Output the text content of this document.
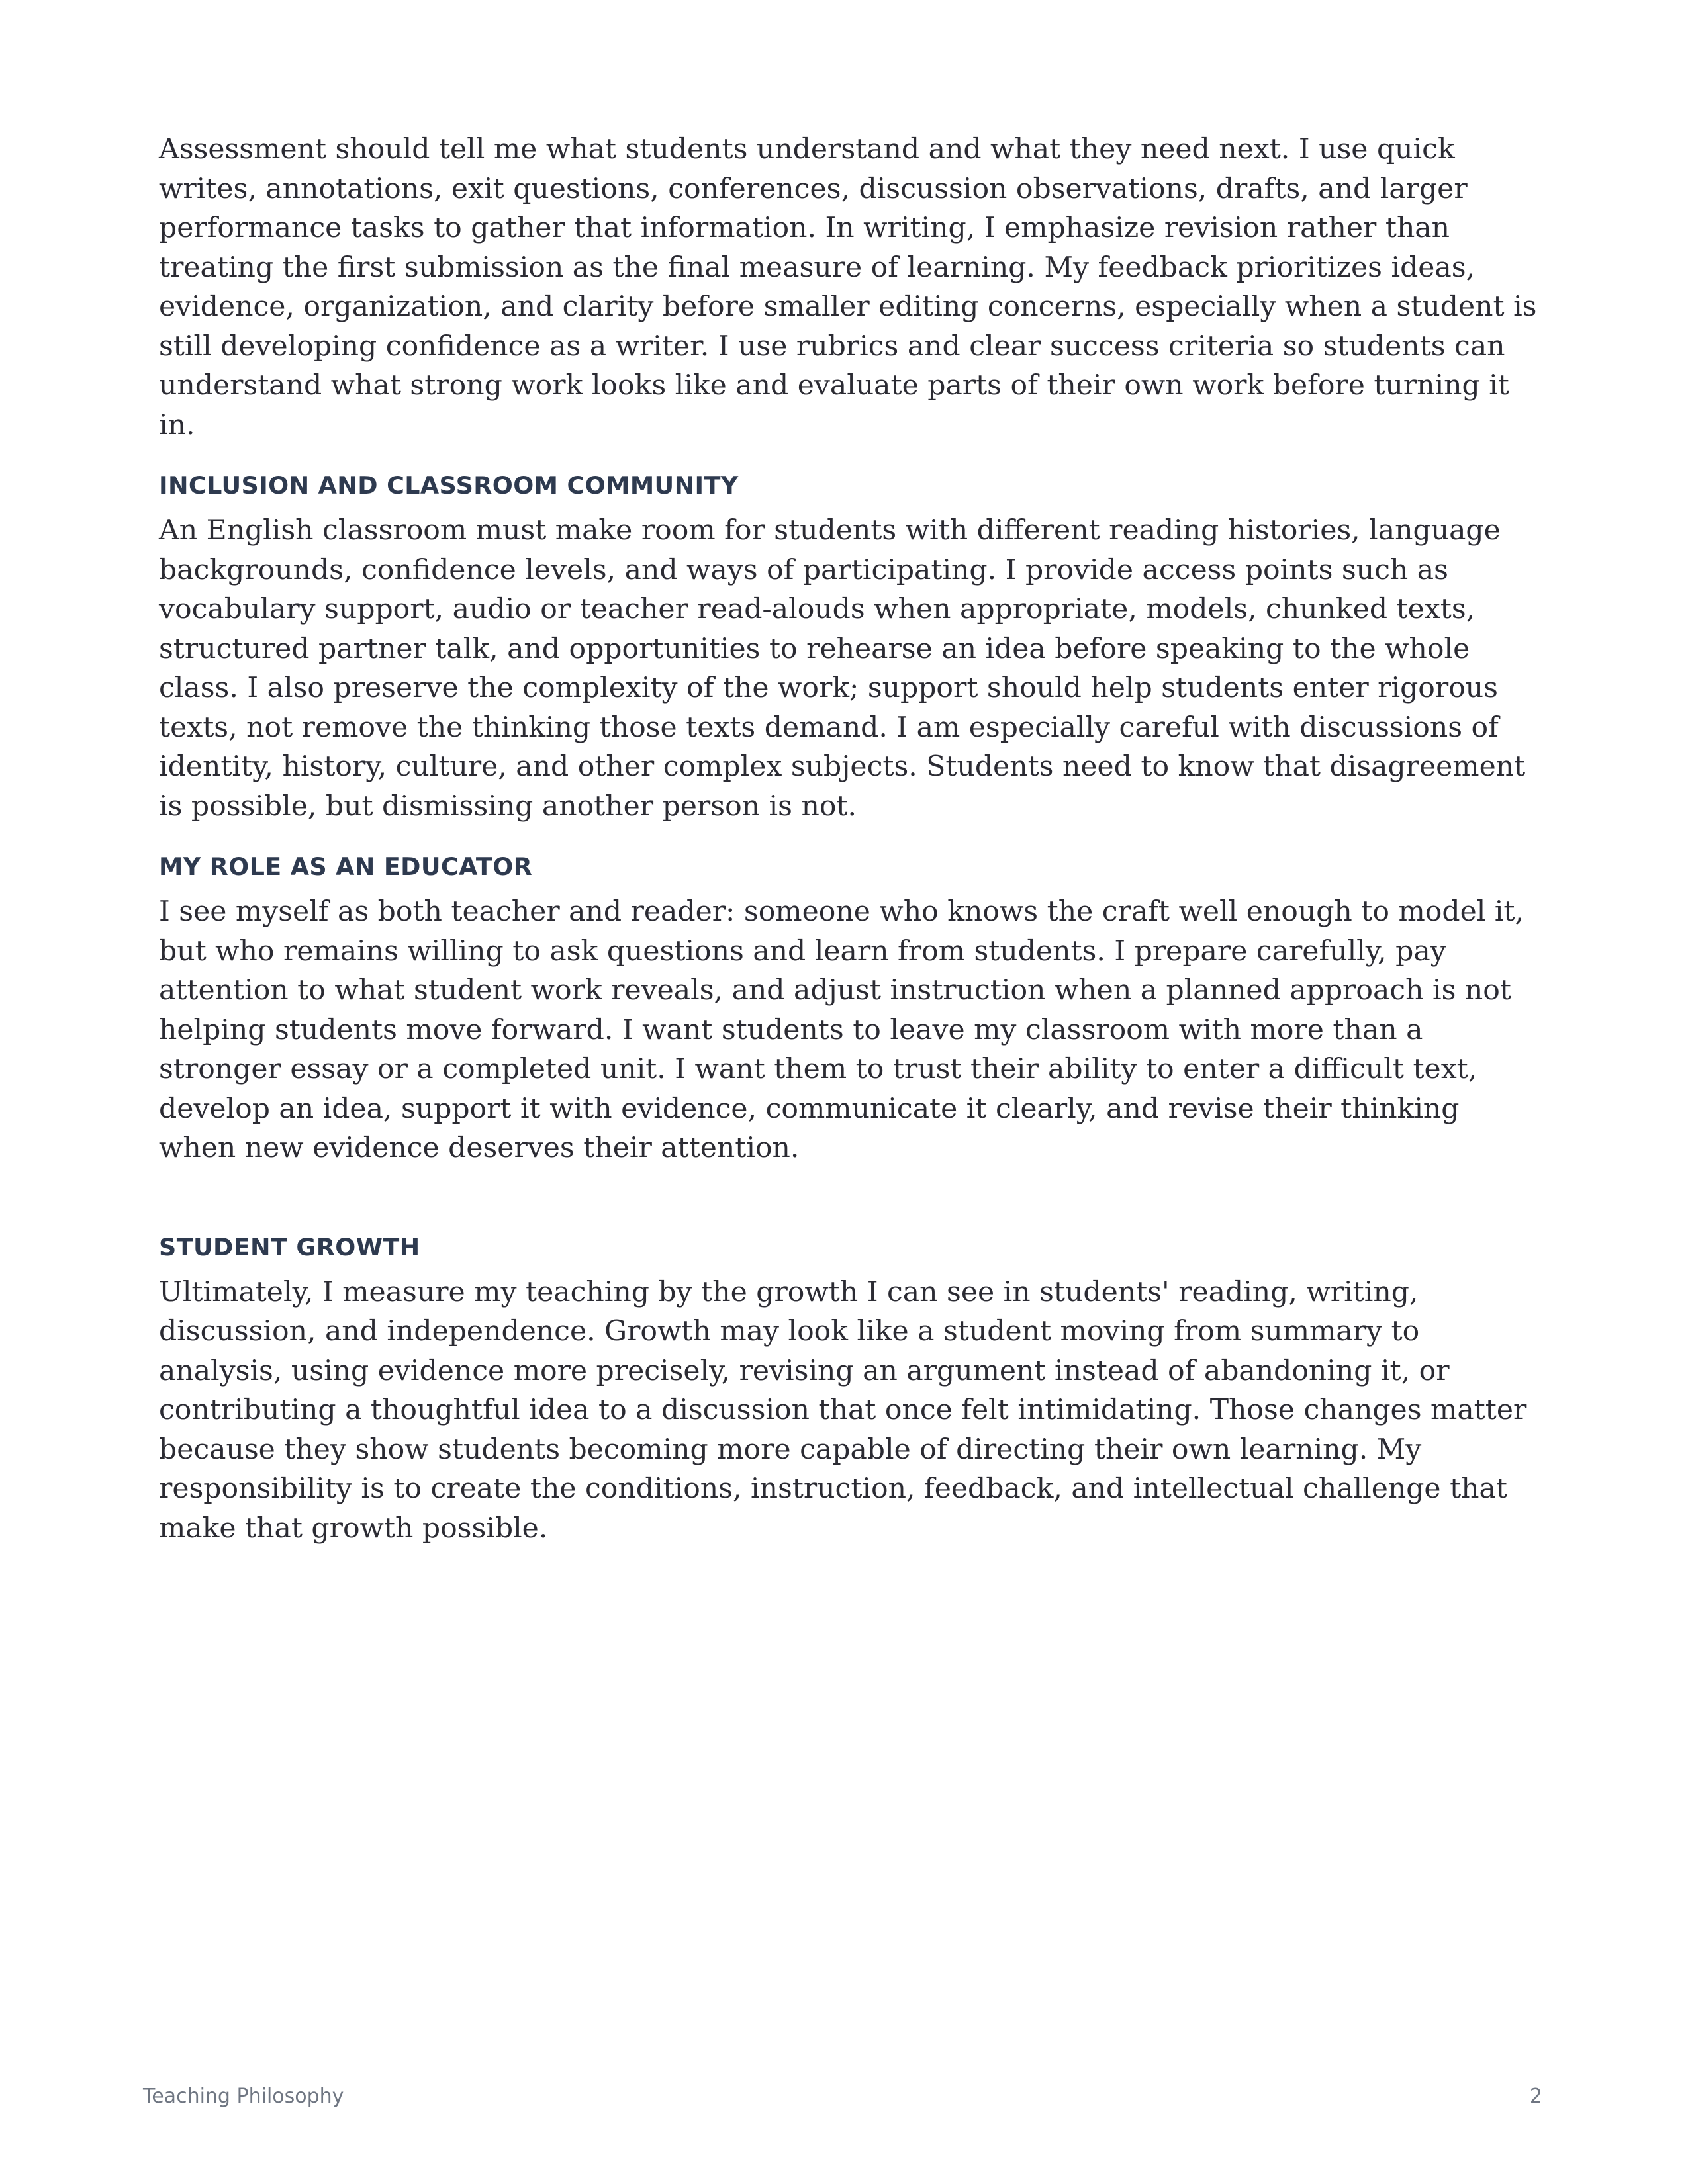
Assessment should tell me what students understand and what they need next. I use quick writes, annotations, exit questions, conferences, discussion observations, drafts, and larger performance tasks to gather that information. In writing, I emphasize revision rather than treating the first submission as the final measure of learning. My feedback prioritizes ideas, evidence, organization, and clarity before smaller editing concerns, especially when a student is still developing confidence as a writer. I use rubrics and clear success criteria so students can understand what strong work looks like and evaluate parts of their own work before turning it in.

INCLUSION AND CLASSROOM COMMUNITY

An English classroom must make room for students with different reading histories, language backgrounds, confidence levels, and ways of participating. I provide access points such as vocabulary support, audio or teacher read-alouds when appropriate, models, chunked texts, structured partner talk, and opportunities to rehearse an idea before speaking to the whole class. I also preserve the complexity of the work; support should help students enter rigorous texts, not remove the thinking those texts demand. I am especially careful with discussions of identity, history, culture, and other complex subjects. Students need to know that disagreement is possible, but dismissing another person is not.

MY ROLE AS AN EDUCATOR

I see myself as both teacher and reader: someone who knows the craft well enough to model it, but who remains willing to ask questions and learn from students. I prepare carefully, pay attention to what student work reveals, and adjust instruction when a planned approach is not helping students move forward. I want students to leave my classroom with more than a stronger essay or a completed unit. I want them to trust their ability to enter a difficult text, develop an idea, support it with evidence, communicate it clearly, and revise their thinking when new evidence deserves their attention.

STUDENT GROWTH

Ultimately, I measure my teaching by the growth I can see in students' reading, writing, discussion, and independence. Growth may look like a student moving from summary to analysis, using evidence more precisely, revising an argument instead of abandoning it, or contributing a thoughtful idea to a discussion that once felt intimidating. Those changes matter because they show students becoming more capable of directing their own learning. My responsibility is to create the conditions, instruction, feedback, and intellectual challenge that make that growth possible.

Teaching Philosophy	2
